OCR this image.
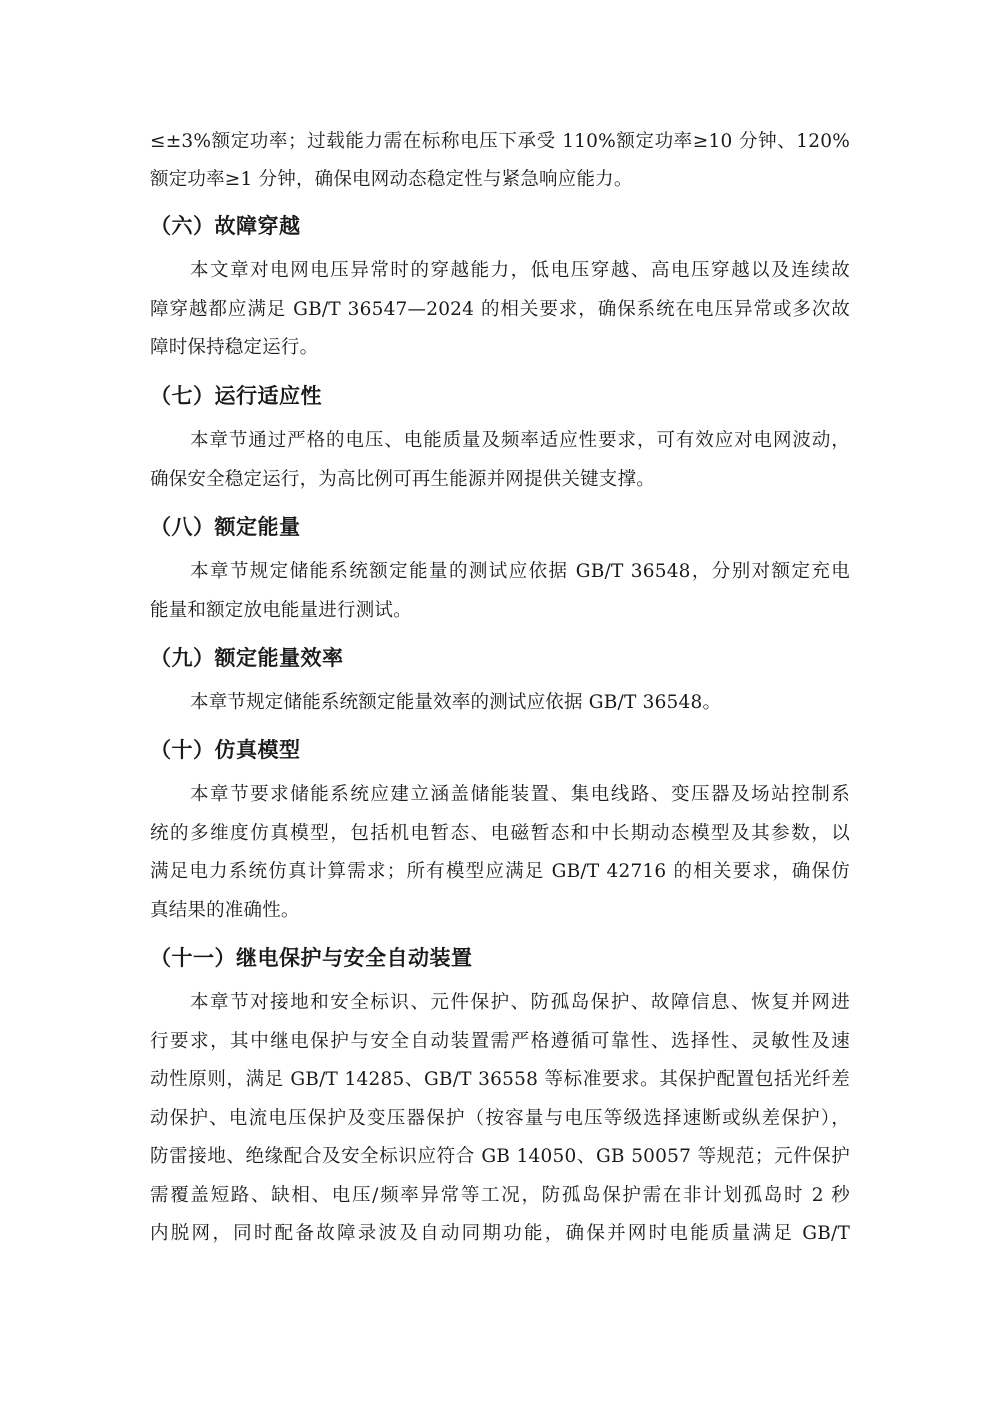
≤±3%额定功率；过载能力需在标称电压下承受 110%额定功率≥10 分钟、120%
额定功率≥1 分钟，确保电网动态稳定性与紧急响应能力。
（六）故障穿越
本文章对电网电压异常时的穿越能力，低电压穿越、高电压穿越以及连续故
障穿越都应满足 GB/T 36547—2024 的相关要求，确保系统在电压异常或多次故
障时保持稳定运行。
（七）运行适应性
本章节通过严格的电压、电能质量及频率适应性要求，可有效应对电网波动，
确保安全稳定运行，为高比例可再生能源并网提供关键支撑。
（八）额定能量
本章节规定储能系统额定能量的测试应依据 GB/T 36548，分别对额定充电
能量和额定放电能量进行测试。
（九）额定能量效率
本章节规定储能系统额定能量效率的测试应依据 GB/T 36548。
（十）仿真模型
本章节要求储能系统应建立涵盖储能装置、集电线路、变压器及场站控制系
统的多维度仿真模型，包括机电暂态、电磁暂态和中长期动态模型及其参数，以
满足电力系统仿真计算需求；所有模型应满足 GB/T 42716 的相关要求，确保仿
真结果的准确性。
（十一）继电保护与安全自动装置
本章节对接地和安全标识、元件保护、防孤岛保护、故障信息、恢复并网进
行要求，其中继电保护与安全自动装置需严格遵循可靠性、选择性、灵敏性及速
动性原则，满足 GB/T 14285、GB/T 36558 等标准要求。其保护配置包括光纤差
动保护、电流电压保护及变压器保护（按容量与电压等级选择速断或纵差保护），
防雷接地、绝缘配合及安全标识应符合 GB 14050、GB 50057 等规范；元件保护
需覆盖短路、缺相、电压/频率异常等工况，防孤岛保护需在非计划孤岛时 2 秒
内脱网，同时配备故障录波及自动同期功能，确保并网时电能质量满足 GB/T
